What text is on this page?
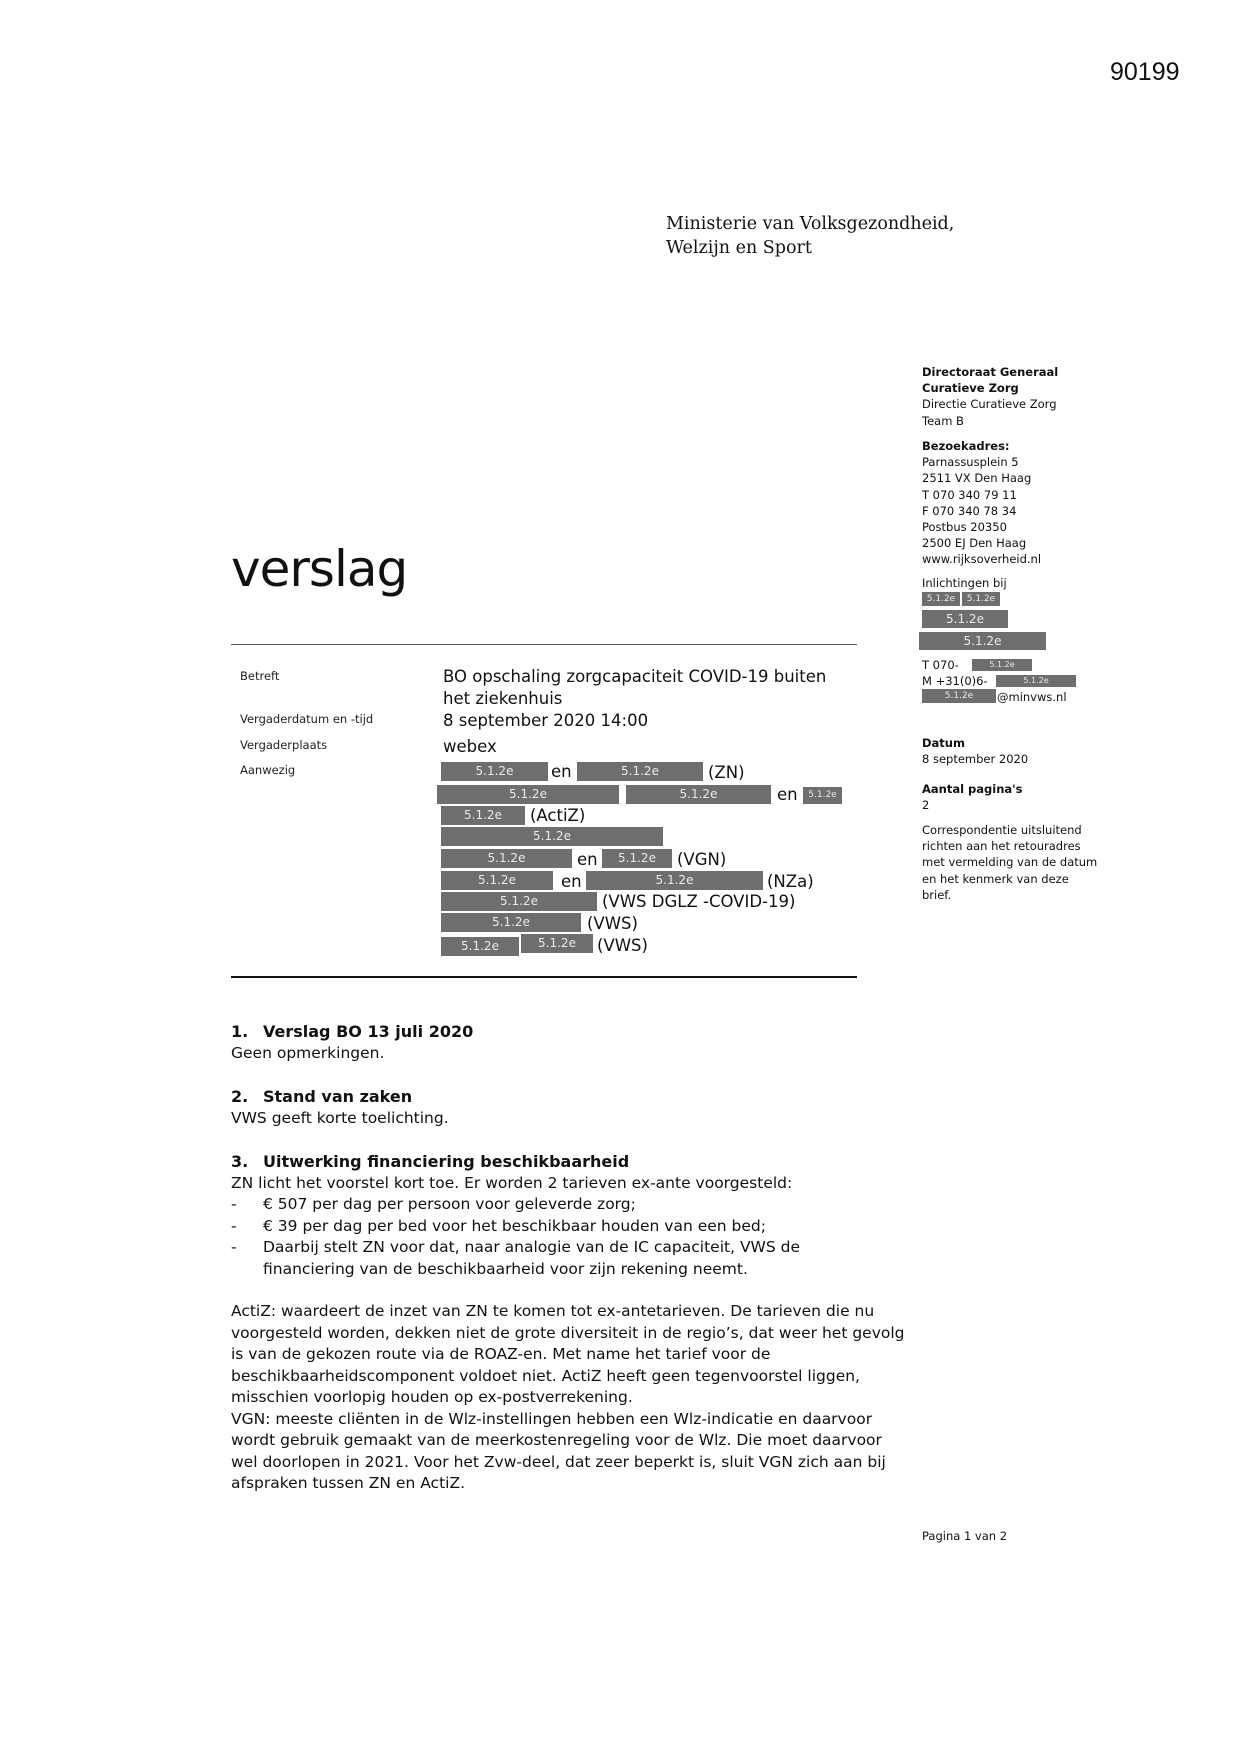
90199
Ministerie van Volksgezondheid,
Welzijn en Sport
Directoraat Generaal
Curatieve Zorg
Directie Curatieve Zorg
Team B
Bezoekadres:
Parnassusplein 5
2511 VX Den Haag
T 070 340 79 11
F 070 340 78 34
Postbus 20350
2500 EJ Den Haag
www.rijksoverheid.nl
Inlichtingen bij
5.1.2e	5.1.2e
5.1.2e
5.1.2e
T 070-	5.1.2e
M +31(0)6-	5.1.2e
5.1.2e	@minvws.nl
Datum
8 september 2020
Aantal pagina's
2
Correspondentie uitsluitend
richten aan het retouradres
met vermelding van de datum
en het kenmerk van deze
brief.
verslag
Betreft	BO opschaling zorgcapaciteit COVID-19 buiten
het ziekenhuis
Vergaderdatum en -tijd	8 september 2020 14:00
Vergaderplaats	webex
Aanwezig	5.1.2e	en	5.1.2e	(ZN)
5.1.2e	5.1.2e	en	5.1.2e
5.1.2e	(ActiZ)
5.1.2e
5.1.2e	en	5.1.2e	(VGN)
5.1.2e	en	5.1.2e	(NZa)
5.1.2e	(VWS DGLZ -COVID-19)
5.1.2e	(VWS)
5.1.2e	5.1.2e	(VWS)
1. Verslag BO 13 juli 2020

Geen opmerkingen.

2. Stand van zaken

VWS geeft korte toelichting.

3. Uitwerking financiering beschikbaarheid

ZN licht het voorstel kort toe. Er worden 2 tarieven ex-ante voorgesteld:

- € 507 per dag per persoon voor geleverde zorg;
- € 39 per dag per bed voor het beschikbaar houden van een bed;
- Daarbij stelt ZN voor dat, naar analogie van de IC capaciteit, VWS de financiering van de beschikbaarheid voor zijn rekening neemt.

ActiZ: waardeert de inzet van ZN te komen tot ex-antetarieven. De tarieven die nu voorgesteld worden, dekken niet de grote diversiteit in de regio’s, dat weer het gevolg is van de gekozen route via de ROAZ-en. Met name het tarief voor de beschikbaarheidscomponent voldoet niet. ActiZ heeft geen tegenvoorstel liggen, misschien voorlopig houden op ex-postverrekening.

VGN: meeste cliënten in de Wlz-instellingen hebben een Wlz-indicatie en daarvoor wordt gebruik gemaakt van de meerkostenregeling voor de Wlz. Die moet daarvoor wel doorlopen in 2021. Voor het Zvw-deel, dat zeer beperkt is, sluit VGN zich aan bij afspraken tussen ZN en ActiZ.

Pagina 1 van 2
